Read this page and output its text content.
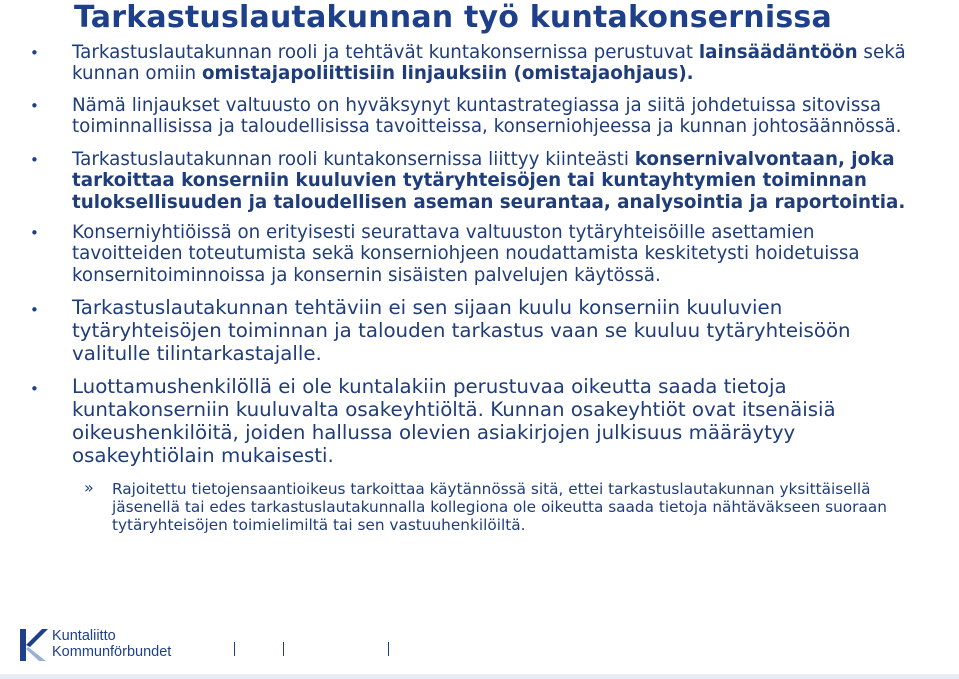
Tarkastuslautakunnan työ kuntakonsernissa
• Tarkastuslautakunnan rooli ja tehtävät kuntakonsernissa perustuvat lainsäädäntöön sekä kunnan omiin omistajapoliittisiin linjauksiin (omistajaohjaus).
• Nämä linjaukset valtuusto on hyväksynyt kuntastrategiassa ja siitä johdetuissa sitovissa toiminnallisissa ja taloudellisissa tavoitteissa, konserniohjeessa ja kunnan johtosäännössä.
• Tarkastuslautakunnan rooli kuntakonsernissa liittyy kiinteästi konsernivalvontaan, joka tarkoittaa konserniin kuuluvien tytäryhteisöjen tai kuntayhtymien toiminnan tuloksellisuuden ja taloudellisen aseman seurantaa, analysointia ja raportointia.
• Konserniyhtiöissä on erityisesti seurattava valtuuston tytäryhteisöille asettamien tavoitteiden toteutumista sekä konserniohjeen noudattamista keskitetysti hoidetuissa konsernitoiminnoissa ja konsernin sisäisten palvelujen käytössä.
• Tarkastuslautakunnan tehtäviin ei sen sijaan kuulu konserniin kuuluvien tytäryhteisöjen toiminnan ja talouden tarkastus vaan se kuuluu tytäryhteisöön valitulle tilintarkastajalle.
• Luottamushenkilöllä ei ole kuntalakiin perustuvaa oikeutta saada tietoja kuntakonserniin kuuluvalta osakeyhtiöltä. Kunnan osakeyhtiöt ovat itsenäisiä oikeushenkilöitä, joiden hallussa olevien asiakirjojen julkisuus määräytyy osakeyhtiölain mukaisesti.
» Rajoitettu tietojensaantioikeus tarkoittaa käytännössä sitä, ettei tarkastuslautakunnan yksittäisellä jäsenellä tai edes tarkastuslautakunnalla kollegiona ole oikeutta saada tietoja nähtäväkseen suoraan tytäryhteisöjen toimielimiltä tai sen vastuuhenkilöiltä.
Kuntaliitto
Kommunförbundet
